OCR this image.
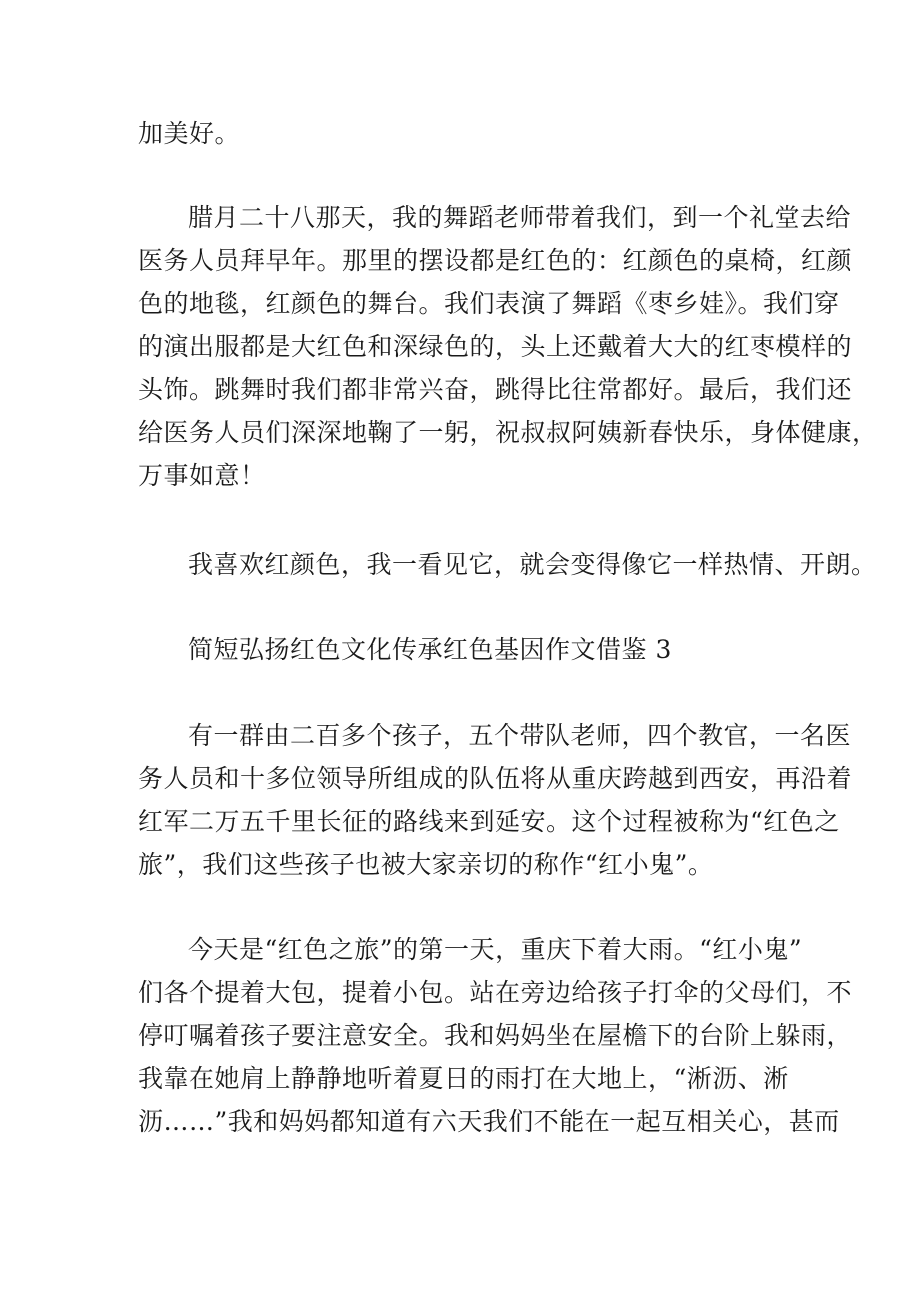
加美好。
腊月二十八那天，我的舞蹈老师带着我们，到一个礼堂去给
医务人员拜早年。那里的摆设都是红色的：红颜色的桌椅，红颜
色的地毯，红颜色的舞台。我们表演了舞蹈《枣乡娃》。我们穿
的演出服都是大红色和深绿色的，头上还戴着大大的红枣模样的
头饰。跳舞时我们都非常兴奋，跳得比往常都好。最后，我们还
给医务人员们深深地鞠了一躬，祝叔叔阿姨新春快乐，身体健康，
万事如意！
我喜欢红颜色，我一看见它，就会变得像它一样热情、开朗。
简短弘扬红色文化传承红色基因作文借鉴 3
有一群由二百多个孩子，五个带队老师，四个教官，一名医
务人员和十多位领导所组成的队伍将从重庆跨越到西安，再沿着
红军二万五千里长征的路线来到延安。这个过程被称为“红色之
旅”，我们这些孩子也被大家亲切的称作“红小鬼”。
今天是“红色之旅”的第一天，重庆下着大雨。“红小鬼”
们各个提着大包，提着小包。站在旁边给孩子打伞的父母们，不
停叮嘱着孩子要注意安全。我和妈妈坐在屋檐下的台阶上躲雨，
我靠在她肩上静静地听着夏日的雨打在大地上，“淅沥、淅
沥……”我和妈妈都知道有六天我们不能在一起互相关心，甚而
